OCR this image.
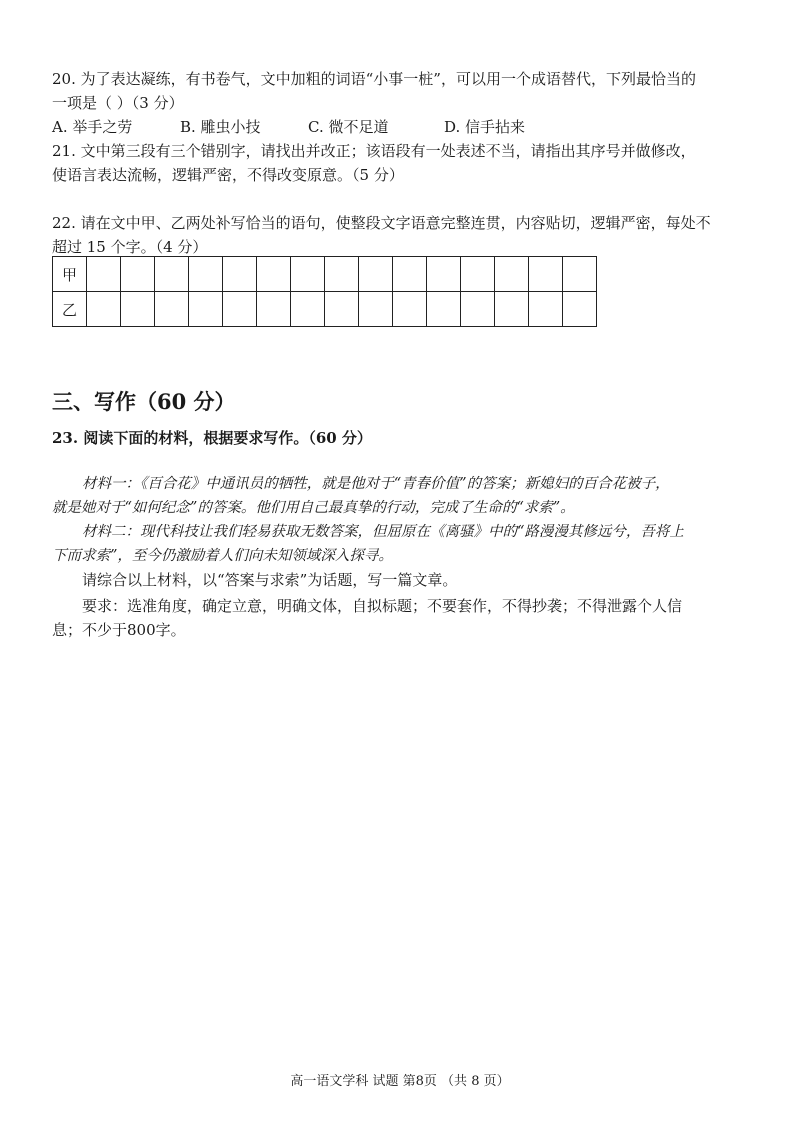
20. 为了表达凝练，有书卷气，文中加粗的词语“小事一桩”，可以用一个成语替代，下列最恰当的
一项是（ ）（3 分）
A. 举手之劳	B. 雕虫小技	C. 微不足道	D. 信手拈来
21. 文中第三段有三个错别字，请找出并改正；该语段有一处表述不当，请指出其序号并做修改，
使语言表达流畅，逻辑严密，不得改变原意。（5 分）
22. 请在文中甲、乙两处补写恰当的语句，使整段文字语意完整连贯，内容贴切，逻辑严密，每处不
超过 15 个字。（4 分）
甲															
乙															
三、写作（60 分）
23. 阅读下面的材料，根据要求写作。（60 分）
材料一：《百合花》中通讯员的牺牲，就是他对于“青春价值”的答案；新媳妇的百合花被子，
就是她对于“如何纪念”的答案。他们用自己最真挚的行动，完成了生命的“求索”。
材料二：现代科技让我们轻易获取无数答案，但屈原在《离骚》中的“路漫漫其修远兮，吾将上
下而求索”，至今仍激励着人们向未知领域深入探寻。
请综合以上材料，以“答案与求索”为话题，写一篇文章。
要求：选准角度，确定立意，明确文体，自拟标题；不要套作，不得抄袭；不得泄露个人信
息；不少于800字。
高一语文学科 试题 第8页 （共 8 页）
